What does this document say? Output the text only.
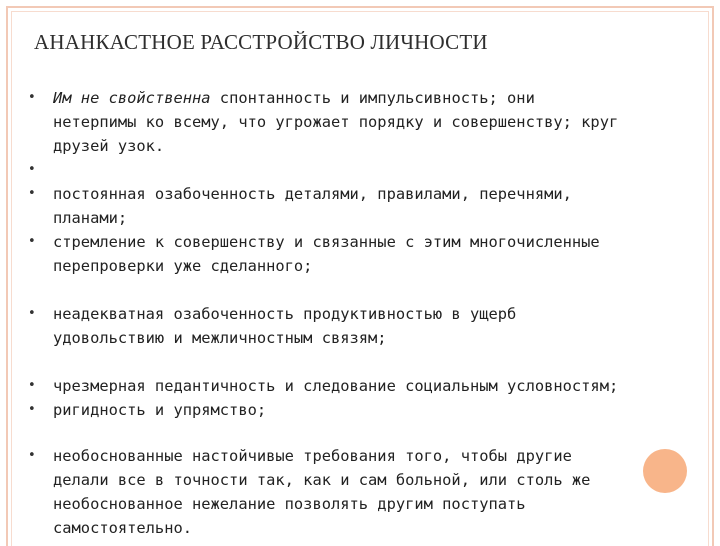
АНАНКАСТНОЕ РАССТРОЙСТВО ЛИЧНОСТИ
• Им не свойственна спонтанность и импульсивность; они
нетерпимы ко всему, что угрожает порядку и совершенству; круг
друзей узок.
•

• постоянная озабоченность деталями, правилами, перечнями,
планами;
• стремление к совершенству и связанные с этим многочисленные
перепроверки уже сделанного;
• неадекватная озабоченность продуктивностью в ущерб
удовольствию и межличностным связям;
• чрезмерная педантичность и следование социальным условностям;
• ригидность и упрямство;
• необоснованные настойчивые требования того, чтобы другие
делали все в точности так, как и сам больной, или столь же
необоснованное нежелание позволять другим поступать
самостоятельно.
